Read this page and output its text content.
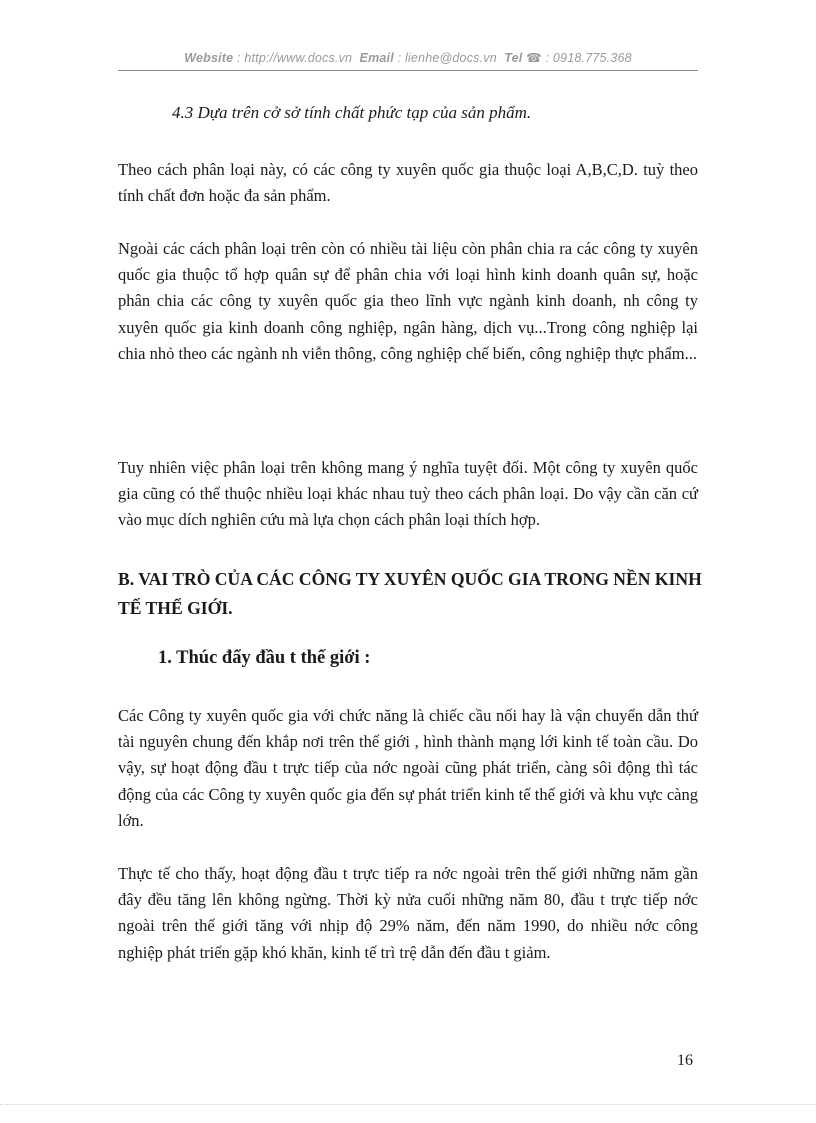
Website : http://www.docs.vn Email : lienhe@docs.vn Tel ☎ : 0918.775.368
4.3 Dựa trên cở sở tính chất phức tạp của sản phẩm.

Theo cách phân loại này, có các công ty xuyên quốc gia thuộc loại A,B,C,D. tuỳ theo tính chất đơn hoặc đa sản phẩm.

Ngoài các cách phân loại trên còn có nhiều tài liệu còn phân chia ra các công ty xuyên quốc gia thuộc tổ hợp quân sự để phân chia với loại hình kinh doanh quân sự, hoặc phân chia các công ty xuyên quốc gia theo lĩnh vực ngành kinh doanh, nh công ty xuyên quốc gia kinh doanh công nghiệp, ngân hàng, dịch vụ...Trong công nghiệp lại chia nhỏ theo các ngành nh viễn thông, công nghiệp chế biến, công nghiệp thực phẩm...

Tuy nhiên việc phân loại trên không mang ý nghĩa tuyệt đối. Một công ty xuyên quốc gia cũng có thể thuộc nhiều loại khác nhau tuỳ theo cách phân loại. Do vậy cần căn cứ vào mục dích nghiên cứu mà lựa chọn cách phân loại thích hợp.

B. VAI TRÒ CỦA CÁC CÔNG TY XUYÊN QUỐC GIA TRONG NỀN KINH TẾ THẾ GIỚI.
1. Thúc đẩy đầu t thế giới :

Các Công ty xuyên quốc gia với chức năng là chiếc cầu nối hay là vận chuyển dẫn thứ tài nguyên chung đến khắp nơi trên thế giới , hình thành mạng lới kinh tế toàn cầu. Do vậy, sự hoạt động đầu t trực tiếp của nớc ngoài cũng phát triển, càng sôi động thì tác động của các Công ty xuyên quốc gia đến sự phát triển kinh tế thế giới và khu vực càng lớn.

Thực tế cho thấy, hoạt động đầu t trực tiếp ra nớc ngoài trên thế giới những năm gần đây đều tăng lên không ngừng. Thời kỳ nửa cuối những năm 80, đầu t trực tiếp nớc ngoài trên thế giới tăng với nhịp độ 29% năm, đến năm 1990, do nhiều nớc công nghiệp phát triển gặp khó khăn, kinh tế trì trệ dẫn đến đầu t giảm.

16
